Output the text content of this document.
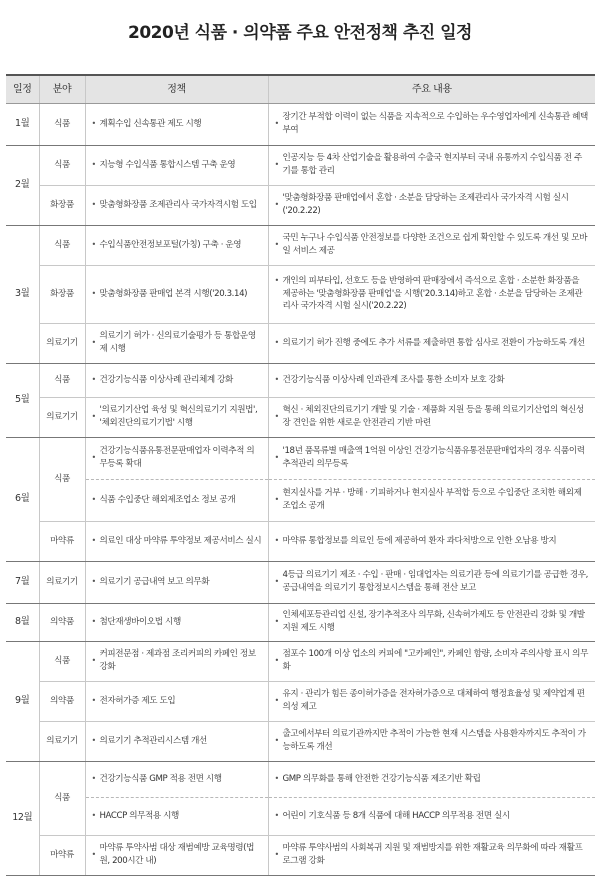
2020년 식품 · 의약품 주요 안전정책 추진 일정
일정	분야	정책	주요 내용
1월	식품	• 계획수입 신속통관 제도 시행	• 장기간 부적합 이력이 없는 식품을 지속적으로 수입하는 우수영업자에게 신속통관 혜택 부여
2월	식품	• 지능형 수입식품 통합시스템 구축 운영	• 인공지능 등 4차 산업기술을 활용하여 수출국 현지부터 국내 유통까지 수입식품 전 주기를 통합 관리
	화장품	• 맞춤형화장품 조제관리사 국가자격시험 도입	• '맞춤형화장품 판매업에서 혼합 · 소분을 담당하는 조제관리사 국가자격 시험 실시('20.2.22)
3월	식품	• 수입식품안전정보포털(가칭) 구축 · 운영	• 국민 누구나 수입식품 안전정보를 다양한 조건으로 쉽게 확인할 수 있도록 개선 및 모바일 서비스 제공
	화장품	• 맞춤형화장품 판매업 본격 시행('20.3.14)	• 개인의 피부타입, 선호도 등을 반영하여 판매장에서 즉석으로 혼합 · 소분한 화장품을 제공하는 '맞춤형화장품 판매업'을 시행('20.3.14)하고 혼합 · 소분을 담당하는 조제관리사 국가자격 시험 실시('20.2.22)
	의료기기	• 의료기기 허가 · 신의료기술평가 등 통합운영제 시행	• 의료기기 허가 진행 중에도 추가 서류를 제출하면 통합 심사로 전환이 가능하도록 개선
5월	식품	• 건강기능식품 이상사례 관리체계 강화	• 건강기능식품 이상사례 인과관계 조사를 통한 소비자 보호 강화
	의료기기	• '의료기기산업 육성 및 혁신의료기기 지원법', '체외진단의료기기법' 시행	• 혁신 · 체외진단의료기기 개발 및 기술 · 제품화 지원 등을 통해 의료기기산업의 혁신성장 견인을 위한 새로운 안전관리 기반 마련
6월	식품	• 건강기능식품유통전문판매업자 이력추적 의무등록 확대	• '18년 품목류별 매출액 1억원 이상인 건강기능식품유통전문판매업자의 경우 식품이력추적관리 의무등록
		• 식품 수입중단 해외제조업소 정보 공개	• 현지실사를 거부 · 방해 · 기피하거나 현지실사 부적합 등으로 수입중단 조치한 해외제조업소 공개
	마약류	• 의료인 대상 마약류 투약정보 제공서비스 실시	• 마약류 통합정보를 의료인 등에 제공하여 환자 과다처방으로 인한 오남용 방지
7월	의료기기	• 의료기기 공급내역 보고 의무화	• 4등급 의료기기 제조 · 수입 · 판매 · 임대업자는 의료기관 등에 의료기기를 공급한 경우, 공급내역을 의료기기 통합정보시스템을 통해 전산 보고
8월	의약품	• 첨단재생바이오법 시행	• 인체세포등관리업 신설, 장기추적조사 의무화, 신속허가제도 등 안전관리 강화 및 개발지원 제도 시행
9월	식품	• 커피전문점 · 제과점 조리커피의 카페인 정보 강화	• 점포수 100개 이상 업소의 커피에 "고카페인", 카페인 함량, 소비자 주의사항 표시 의무화
	의약품	• 전자허가증 제도 도입	• 유지 · 관리가 힘든 종이허가증을 전자허가증으로 대체하여 행정효율성 및 제약업계 편의성 제고
	의료기기	• 의료기기 추적관리시스템 개선	• 출고에서부터 의료기관까지만 추적이 가능한 현재 시스템을 사용환자까지도 추적이 가능하도록 개선
12월	식품	• 건강기능식품 GMP 적용 전면 시행	• GMP 의무화를 통해 안전한 건강기능식품 제조기반 확립
		• HACCP 의무적용 시행	• 어린이 기호식품 등 8개 식품에 대해 HACCP 의무적용 전면 실시
	마약류	• 마약류 투약사범 대상 재범예방 교육명령(법원, 200시간 내)	• 마약류 투약사범의 사회복귀 지원 및 재범방지를 위한 재활교육 의무화에 따라 재활프로그램 강화
